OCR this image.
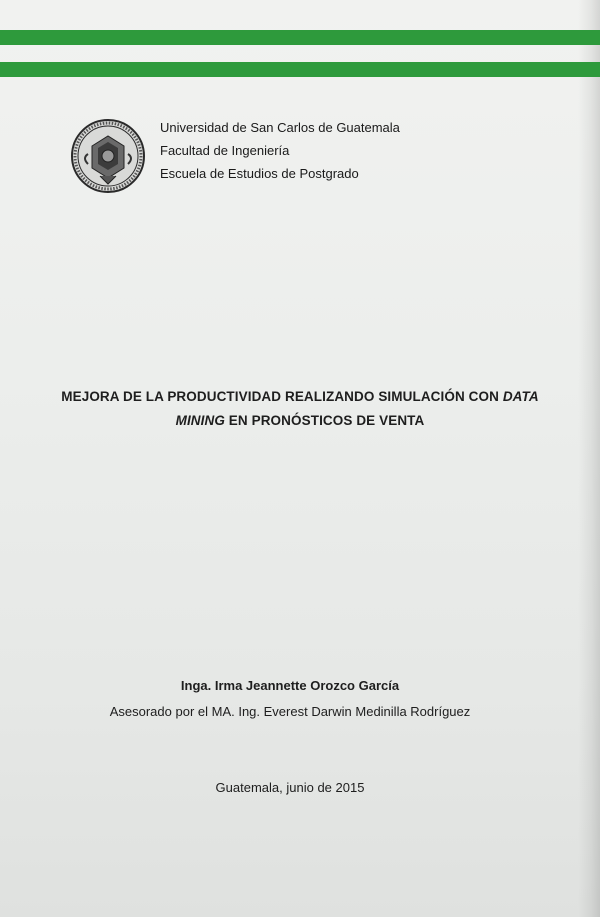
Universidad de San Carlos de Guatemala
Facultad de Ingeniería
Escuela de Estudios de Postgrado
MEJORA DE LA PRODUCTIVIDAD REALIZANDO SIMULACIÓN CON DATA
MINING EN PRONÓSTICOS DE VENTA
Inga. Irma Jeannette Orozco García
Asesorado por el MA. Ing. Everest Darwin Medinilla Rodríguez
Guatemala, junio de 2015
